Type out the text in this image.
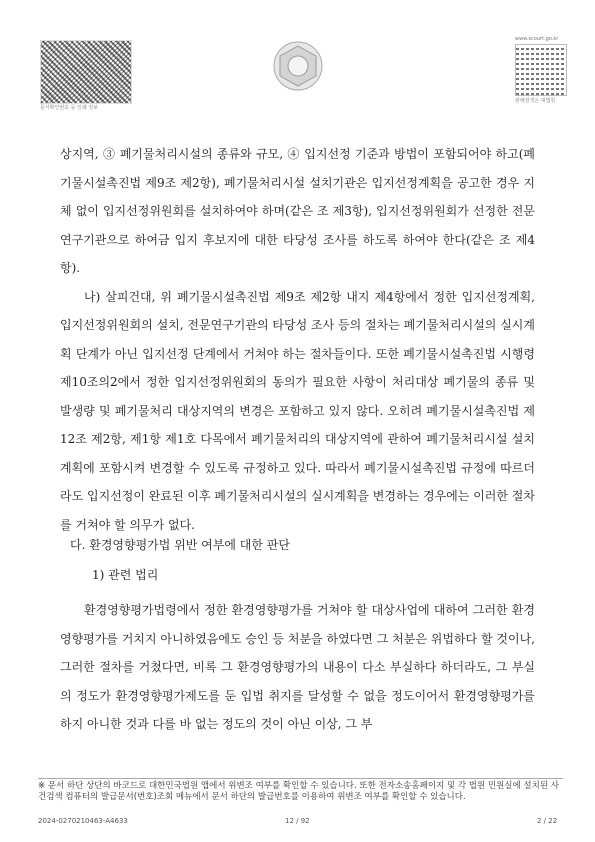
문서확인번호 등 인쇄 정보
www.scourt.go.kr
판례검색은 대법원

상지역, ③ 폐기물처리시설의 종류와 규모, ④ 입지선정 기준과 방법이 포함되어야 하고(폐기물시설촉진법 제9조 제2항), 폐기물처리시설 설치기관은 입지선정계획을 공고한 경우 지체 없이 입지선정위원회를 설치하여야 하며(같은 조 제3항), 입지선정위원회가 선정한 전문연구기관으로 하여금 입지 후보지에 대한 타당성 조사를 하도록 하여야 한다(같은 조 제4항).

나) 살피건대, 위 폐기물시설촉진법 제9조 제2항 내지 제4항에서 정한 입지선정계획, 입지선정위원회의 설치, 전문연구기관의 타당성 조사 등의 절차는 폐기물처리시설의 실시계획 단계가 아닌 입지선정 단계에서 거쳐야 하는 절차들이다. 또한 폐기물시설촉진법 시행령 제10조의2에서 정한 입지선정위원회의 동의가 필요한 사항이 처리대상 폐기물의 종류 및 발생량 및 폐기물처리 대상지역의 변경은 포함하고 있지 않다. 오히려 폐기물시설촉진법 제12조 제2항, 제1항 제1호 다목에서 폐기물처리의 대상지역에 관하여 폐기물처리시설 설치계획에 포함시켜 변경할 수 있도록 규정하고 있다. 따라서 폐기물시설촉진법 규정에 따르더라도 입지선정이 완료된 이후 폐기물처리시설의 실시계획을 변경하는 경우에는 이러한 절차를 거쳐야 할 의무가 없다.

다. 환경영향평가법 위반 여부에 대한 판단
1) 관련 법리

환경영향평가법령에서 정한 환경영향평가를 거쳐야 할 대상사업에 대하여 그러한 환경영향평가를 거치지 아니하였음에도 승인 등 처분을 하였다면 그 처분은 위법하다 할 것이나, 그러한 절차를 거쳤다면, 비록 그 환경영향평가의 내용이 다소 부실하다 하더라도, 그 부실의 정도가 환경영향평가제도를 둔 입법 취지를 달성할 수 없을 정도이어서 환경영향평가를 하지 아니한 것과 다를 바 없는 정도의 것이 아닌 이상, 그 부

※ 문서 하단 상단의 바코드로 대한민국법원 앱에서 위변조 여부를 확인할 수 있습니다. 또한 전자소송홈페이지 및 각 법원 민원실에 설치된 사건검색 컴퓨터의 발급문서(번호)조회 메뉴에서 문서 하단의 발급번호를 이용하여 위변조 여부를 확인할 수 있습니다.
2024-0270210463-A4633	12 / 92	2 / 22
